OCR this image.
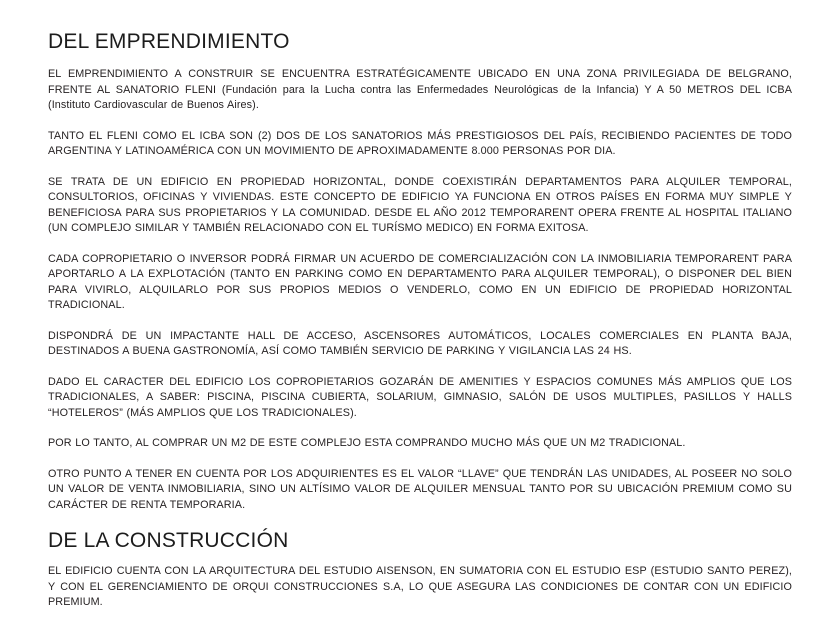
DEL EMPRENDIMIENTO

EL EMPRENDIMIENTO A CONSTRUIR SE ENCUENTRA ESTRATÉGICAMENTE UBICADO EN UNA ZONA PRIVILEGIADA DE BELGRANO, FRENTE AL SANATORIO FLENI (Fundación para la Lucha contra las Enfermedades Neurológicas de la Infancia) Y A 50 METROS DEL ICBA (Instituto Cardiovascular de Buenos Aires).

TANTO EL FLENI COMO EL ICBA SON (2) DOS DE LOS SANATORIOS MÁS PRESTIGIOSOS DEL PAÍS, RECIBIENDO PACIENTES DE TODO ARGENTINA Y LATINOAMÉRICA CON UN MOVIMIENTO DE APROXIMADAMENTE 8.000 PERSONAS POR DIA.

SE TRATA DE UN EDIFICIO EN PROPIEDAD HORIZONTAL, DONDE COEXISTIRÁN DEPARTAMENTOS PARA ALQUILER TEMPORAL, CONSULTORIOS, OFICINAS Y VIVIENDAS. ESTE CONCEPTO DE EDIFICIO YA FUNCIONA EN OTROS PAÍSES EN FORMA MUY SIMPLE Y BENEFICIOSA PARA SUS PROPIETARIOS Y LA COMUNIDAD. DESDE EL AÑO 2012 TEMPORARENT OPERA FRENTE AL HOSPITAL ITALIANO (UN COMPLEJO SIMILAR Y TAMBIÉN RELACIONADO CON EL TURÍSMO MEDICO) EN FORMA EXITOSA.

CADA COPROPIETARIO O INVERSOR PODRÁ FIRMAR UN ACUERDO DE COMERCIALIZACIÓN CON LA INMOBILIARIA TEMPORARENT PARA APORTARLO A LA EXPLOTACIÓN (TANTO EN PARKING COMO EN DEPARTAMENTO PARA ALQUILER TEMPORAL), O DISPONER DEL BIEN PARA VIVIRLO, ALQUILARLO POR SUS PROPIOS MEDIOS O VENDERLO, COMO EN UN EDIFICIO DE PROPIEDAD HORIZONTAL TRADICIONAL.

DISPONDRÁ DE UN IMPACTANTE HALL DE ACCESO, ASCENSORES AUTOMÁTICOS, LOCALES COMERCIALES EN PLANTA BAJA, DESTINADOS A BUENA GASTRONOMÍA, ASÍ COMO TAMBIÉN SERVICIO DE PARKING Y VIGILANCIA LAS 24 HS.

DADO EL CARACTER DEL EDIFICIO LOS COPROPIETARIOS GOZARÁN DE AMENITIES Y ESPACIOS COMUNES MÁS AMPLIOS QUE LOS TRADICIONALES, A SABER: PISCINA, PISCINA CUBIERTA, SOLARIUM, GIMNASIO, SALÓN DE USOS MULTIPLES, PASILLOS Y HALLS “HOTELEROS” (MÁS AMPLIOS QUE LOS TRADICIONALES).

POR LO TANTO, AL COMPRAR UN M2 DE ESTE COMPLEJO ESTA COMPRANDO MUCHO MÁS QUE UN M2 TRADICIONAL.

OTRO PUNTO A TENER EN CUENTA POR LOS ADQUIRIENTES ES EL VALOR “LLAVE” QUE TENDRÁN LAS UNIDADES, AL POSEER NO SOLO UN VALOR DE VENTA INMOBILIARIA, SINO UN ALTÍSIMO VALOR DE ALQUILER MENSUAL TANTO POR SU UBICACIÓN PREMIUM COMO SU CARÁCTER DE RENTA TEMPORARIA.

DE LA CONSTRUCCIÓN

EL EDIFICIO CUENTA CON LA ARQUITECTURA DEL ESTUDIO AISENSON, EN SUMATORIA CON EL ESTUDIO ESP (ESTUDIO SANTO PEREZ), Y CON EL GERENCIAMIENTO DE ORQUI CONSTRUCCIONES S.A, LO QUE ASEGURA LAS CONDICIONES DE CONTAR CON UN EDIFICIO PREMIUM.
